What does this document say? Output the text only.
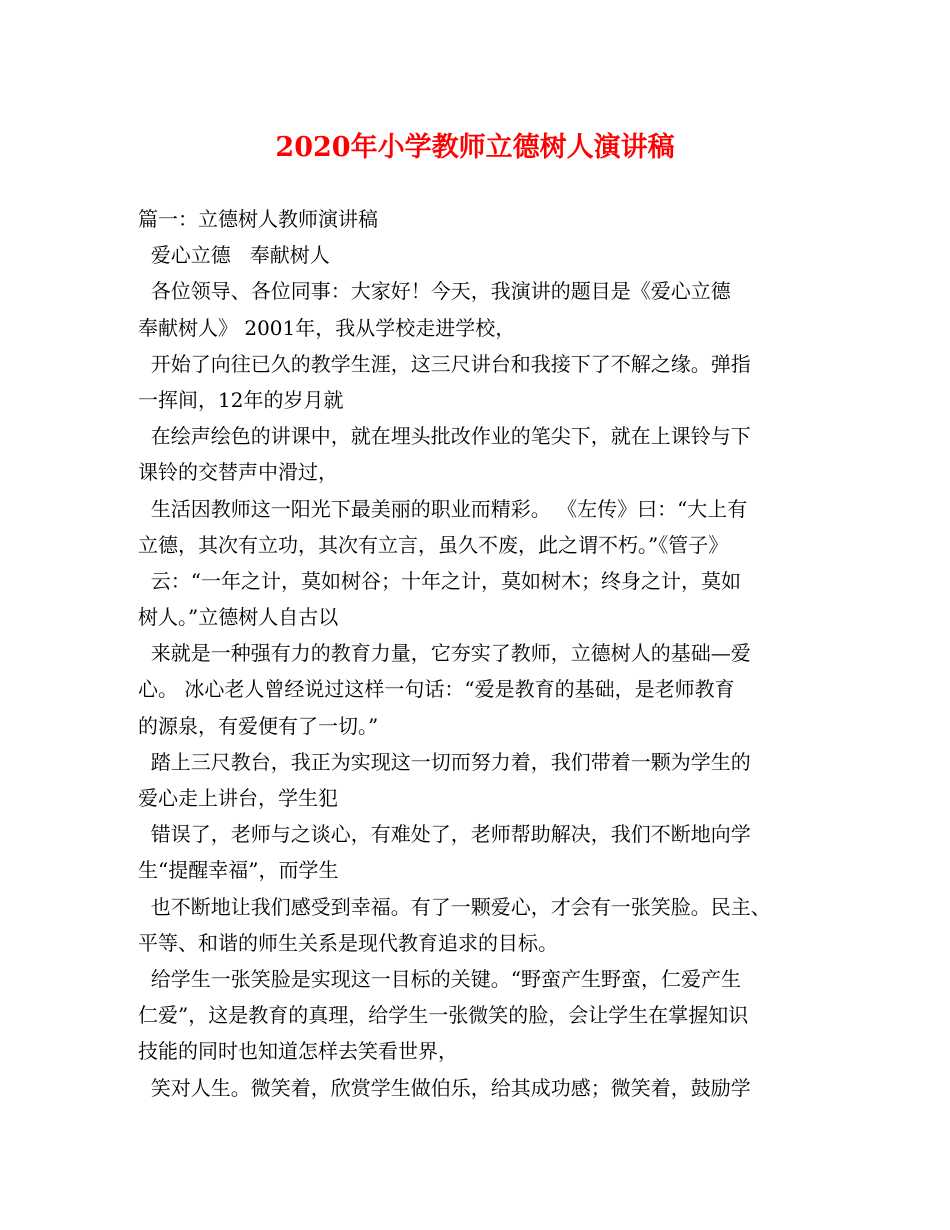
2020年小学教师立德树人演讲稿
篇一：立德树人教师演讲稿
爱心立德   奉献树人
各位领导、各位同事：大家好！今天，我演讲的题目是《爱心立德
奉献树人》 2001年，我从学校走进学校，
开始了向往已久的教学生涯，这三尺讲台和我接下了不解之缘。弹指
一挥间，12年的岁月就
在绘声绘色的讲课中，就在埋头批改作业的笔尖下，就在上课铃与下
课铃的交替声中滑过，
生活因教师这一阳光下最美丽的职业而精彩。 《左传》曰：“大上有
立德，其次有立功，其次有立言，虽久不废，此之谓不朽。”《管子》
云：“一年之计，莫如树谷；十年之计，莫如树木；终身之计，莫如
树人。”立德树人自古以
来就是一种强有力的教育力量，它夯实了教师，立德树人的基础—爱
心。 冰心老人曾经说过这样一句话：“爱是教育的基础，是老师教育
的源泉，有爱便有了一切。”
踏上三尺教台，我正为实现这一切而努力着，我们带着一颗为学生的
爱心走上讲台，学生犯
错误了，老师与之谈心，有难处了，老师帮助解决，我们不断地向学
生“提醒幸福”，而学生
也不断地让我们感受到幸福。有了一颗爱心，才会有一张笑脸。民主、
平等、和谐的师生关系是现代教育追求的目标。
给学生一张笑脸是实现这一目标的关键。“野蛮产生野蛮，仁爱产生
仁爱”，这是教育的真理，给学生一张微笑的脸，会让学生在掌握知识
技能的同时也知道怎样去笑看世界，
笑对人生。微笑着，欣赏学生做伯乐，给其成功感；微笑着，鼓励学
